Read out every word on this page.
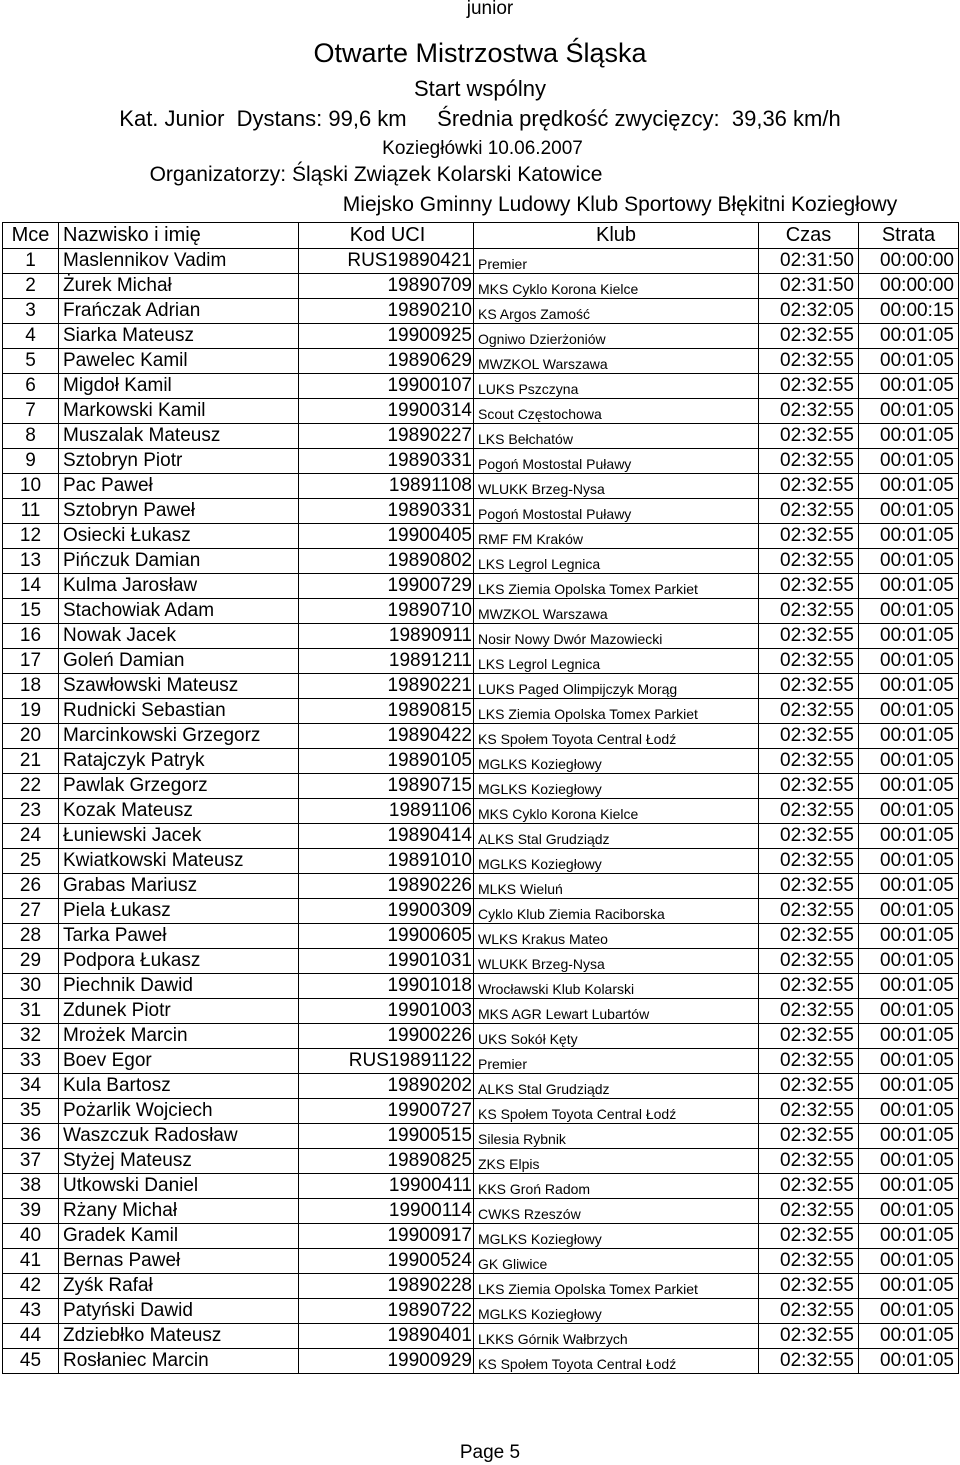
junior
Otwarte Mistrzostwa Śląska
Start wspólny
Kat. Junior  Dystans: 99,6 km     Średnia prędkość zwycięzcy:  39,36 km/h
Koziegłówki 10.06.2007
Organizatorzy: Śląski Związek Kolarski Katowice
Miejsko Gminny Ludowy Klub Sportowy Błękitni Koziegłowy
Mce	Nazwisko i imię	Kod UCI	Klub	Czas	Strata
1	Maslennikov Vadim	RUS19890421	Premier	02:31:50	00:00:00
2	Żurek Michał	19890709	MKS Cyklo Korona Kielce	02:31:50	00:00:00
3	Frańczak Adrian	19890210	KS Argos Zamość	02:32:05	00:00:15
4	Siarka Mateusz	19900925	Ogniwo Dzierżoniów	02:32:55	00:01:05
5	Pawelec Kamil	19890629	MWZKOL Warszawa	02:32:55	00:01:05
6	Migdoł Kamil	19900107	LUKS Pszczyna	02:32:55	00:01:05
7	Markowski Kamil	19900314	Scout Częstochowa	02:32:55	00:01:05
8	Muszalak Mateusz	19890227	LKS Bełchatów	02:32:55	00:01:05
9	Sztobryn Piotr	19890331	Pogoń Mostostal Puławy	02:32:55	00:01:05
10	Pac Paweł	19891108	WLUKK Brzeg-Nysa	02:32:55	00:01:05
11	Sztobryn Paweł	19890331	Pogoń Mostostal Puławy	02:32:55	00:01:05
12	Osiecki Łukasz	19900405	RMF FM Kraków	02:32:55	00:01:05
13	Pińczuk Damian	19890802	LKS Legrol Legnica	02:32:55	00:01:05
14	Kulma Jarosław	19900729	LKS Ziemia Opolska Tomex Parkiet	02:32:55	00:01:05
15	Stachowiak Adam	19890710	MWZKOL Warszawa	02:32:55	00:01:05
16	Nowak Jacek	19890911	Nosir Nowy Dwór Mazowiecki	02:32:55	00:01:05
17	Goleń Damian	19891211	LKS Legrol Legnica	02:32:55	00:01:05
18	Szawłowski Mateusz	19890221	LUKS Paged Olimpijczyk Morąg	02:32:55	00:01:05
19	Rudnicki Sebastian	19890815	LKS Ziemia Opolska Tomex Parkiet	02:32:55	00:01:05
20	Marcinkowski Grzegorz	19890422	KS Społem Toyota Central Łodź	02:32:55	00:01:05
21	Ratajczyk Patryk	19890105	MGLKS Koziegłowy	02:32:55	00:01:05
22	Pawlak Grzegorz	19890715	MGLKS Koziegłowy	02:32:55	00:01:05
23	Kozak Mateusz	19891106	MKS Cyklo Korona Kielce	02:32:55	00:01:05
24	Łuniewski Jacek	19890414	ALKS Stal Grudziądz	02:32:55	00:01:05
25	Kwiatkowski Mateusz	19891010	MGLKS Koziegłowy	02:32:55	00:01:05
26	Grabas Mariusz	19890226	MLKS Wieluń	02:32:55	00:01:05
27	Piela Łukasz	19900309	Cyklo Klub Ziemia Raciborska	02:32:55	00:01:05
28	Tarka Paweł	19900605	WLKS Krakus Mateo	02:32:55	00:01:05
29	Podpora Łukasz	19901031	WLUKK Brzeg-Nysa	02:32:55	00:01:05
30	Piechnik Dawid	19901018	Wrocławski Klub Kolarski	02:32:55	00:01:05
31	Zdunek Piotr	19901003	MKS AGR Lewart Lubartów	02:32:55	00:01:05
32	Mrożek Marcin	19900226	UKS Sokół Kęty	02:32:55	00:01:05
33	Boev Egor	RUS19891122	Premier	02:32:55	00:01:05
34	Kula Bartosz	19890202	ALKS Stal Grudziądz	02:32:55	00:01:05
35	Pożarlik Wojciech	19900727	KS Społem Toyota Central Łodź	02:32:55	00:01:05
36	Waszczuk Radosław	19900515	Silesia Rybnik	02:32:55	00:01:05
37	Styżej Mateusz	19890825	ZKS Elpis	02:32:55	00:01:05
38	Utkowski Daniel	19900411	KKS Groń Radom	02:32:55	00:01:05
39	Rżany Michał	19900114	CWKS Rzeszów	02:32:55	00:01:05
40	Gradek Kamil	19900917	MGLKS Koziegłowy	02:32:55	00:01:05
41	Bernas Paweł	19900524	GK Gliwice	02:32:55	00:01:05
42	Zyśk Rafał	19890228	LKS Ziemia Opolska Tomex Parkiet	02:32:55	00:01:05
43	Patyński Dawid	19890722	MGLKS Koziegłowy	02:32:55	00:01:05
44	Zdziebłko Mateusz	19890401	LKKS Górnik Wałbrzych	02:32:55	00:01:05
45	Rosłaniec Marcin	19900929	KS Społem Toyota Central Łodź	02:32:55	00:01:05
Page 5
